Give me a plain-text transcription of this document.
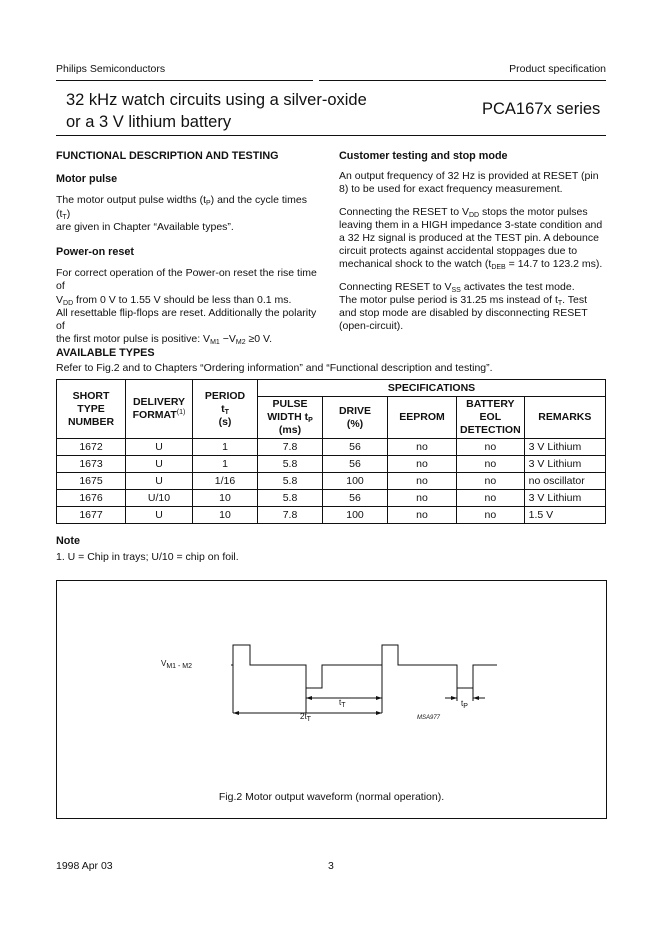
Philips Semiconductors	Product specification
32 kHz watch circuits using a silver-oxide
or a 3 V lithium battery
PCA167x series
FUNCTIONAL DESCRIPTION AND TESTING
Motor pulse

The motor output pulse widths $(t_P)$ and the cycle times $(t_T)$
are given in Chapter “Available types”.

Power-on reset

For correct operation of the Power-on reset the rise time of
$V_{DD}$ from 0 V to 1.55 V should be less than 0.1 ms.
All resettable flip-flops are reset. Additionally the polarity of
the first motor pulse is positive: $V_{M1} -V_{M2} \ge 0$ V.

Customer testing and stop mode

An output frequency of 32 Hz is provided at RESET (pin 8) to be used for exact frequency measurement.

Connecting the RESET to $V_{DD}$ stops the motor pulses leaving them in a HIGH impedance 3-state condition and a 32 Hz signal is produced at the TEST pin. A debounce circuit protects against accidental stoppages due to mechanical shock to the watch ($t_{DEB} = 14.7$ to 123.2 ms).

Connecting RESET to $V_{SS}$ activates the test mode.
The motor pulse period is 31.25 ms instead of $t_T$. Test and stop mode are disabled by disconnecting RESET (open-circuit).

AVAILABLE TYPES
Refer to Fig.2 and to Chapters “Ordering information” and “Functional description and testing”.
SHORT
TYPE
NUMBER	DELIVERY
FORMAT$^{(1)}$	PERIOD
$t_T$
(s)	SPECIFICATIONS				
			PULSE
WIDTH $t_P$
(ms)	DRIVE
(%)	EEPROM	BATTERY
EOL
DETECTION	REMARKS
1672	U	1	7.8	56	no	no	3 V Lithium
1673	U	1	5.8	56	no	no	3 V Lithium
1675	U	1/16	5.8	100	no	no	no oscillator
1676	U/10	10	5.8	56	no	no	3 V Lithium
1677	U	10	7.8	100	no	no	1.5 V
Note
1. U = Chip in trays; U/10 = chip on foil.
$V_{M1 - M2}$
$t_T$
$2t_T$
$t_P$
MSA977
Fig.2 Motor output waveform (normal operation).
1998 Apr 03	3
